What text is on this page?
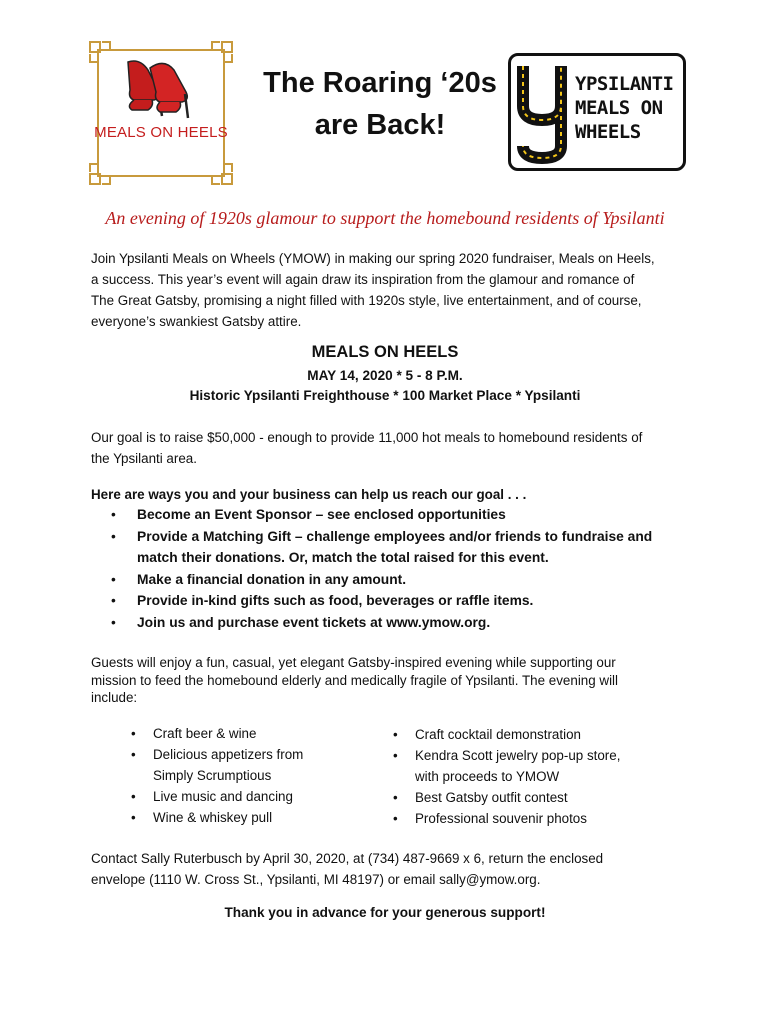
MEALS ON HEELS
The Roaring ‘20s
are Back!
YPSILANTI
MEALS ON
WHEELS
An evening of 1920s glamour to support the homebound residents of Ypsilanti
Join Ypsilanti Meals on Wheels (YMOW) in making our spring 2020 fundraiser, Meals on Heels,
a success. This year’s event will again draw its inspiration from the glamour and romance of
The Great Gatsby, promising a night filled with 1920s style, live entertainment, and of course,
everyone’s swankiest Gatsby attire.
MEALS ON HEELS
MAY 14, 2020 * 5 - 8 P.M.
Historic Ypsilanti Freighthouse * 100 Market Place * Ypsilanti
Our goal is to raise $50,000 - enough to provide 11,000 hot meals to homebound residents of
the Ypsilanti area.
Here are ways you and your business can help us reach our goal . . .
• Become an Event Sponsor – see enclosed opportunities
• Provide a Matching Gift – challenge employees and/or friends to fundraise and
match their donations. Or, match the total raised for this event.
• Make a financial donation in any amount.
• Provide in-kind gifts such as food, beverages or raffle items.
• Join us and purchase event tickets at www.ymow.org.
Guests will enjoy a fun, casual, yet elegant Gatsby-inspired evening while supporting our
mission to feed the homebound elderly and medically fragile of Ypsilanti. The evening will
include:
• Craft beer & wine
• Delicious appetizers from
Simply Scrumptious
• Live music and dancing
• Wine & whiskey pull
• Craft cocktail demonstration
• Kendra Scott jewelry pop-up store,
with proceeds to YMOW
• Best Gatsby outfit contest
• Professional souvenir photos
Contact Sally Ruterbusch by April 30, 2020, at (734) 487-9669 x 6, return the enclosed
envelope (1110 W. Cross St., Ypsilanti, MI 48197) or email sally@ymow.org.
Thank you in advance for your generous support!
